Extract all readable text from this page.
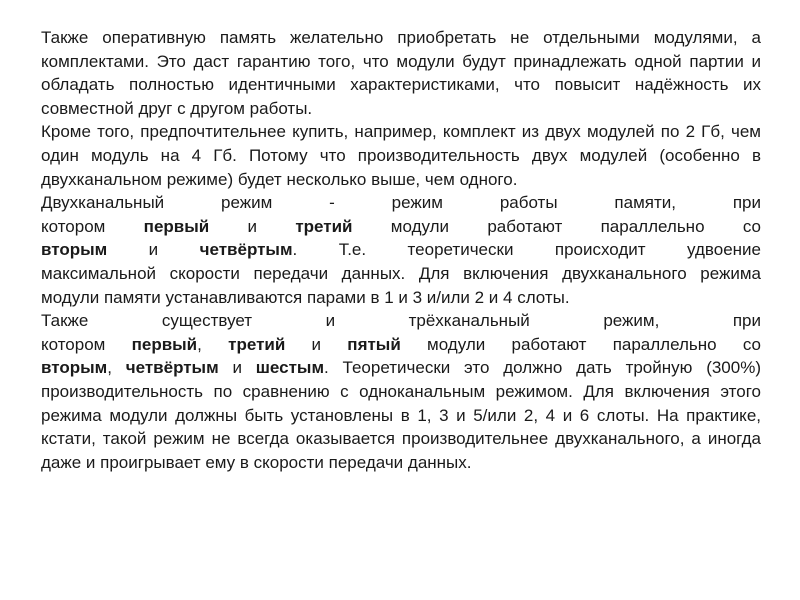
Также оперативную память желательно приобретать не отдельными модулями, а комплектами. Это даст гарантию того, что модули будут принадлежать одной партии и обладать полностью идентичными характеристиками, что повысит надёжность их совместной друг с другом работы.

Кроме того, предпочтительнее купить, например, комплект из двух модулей по 2 Гб, чем один модуль на 4 Гб. Потому что производительность двух модулей (особенно в двухканальном режиме) будет несколько выше, чем одного.

Двухканальный режим - режим работы памяти, при
котором первый и третий модули работают параллельно со
вторым и четвёртым. Т.е. теоретически происходит удвоение
максимальной скорости передачи данных. Для включения двухканального режима модули памяти устанавливаются парами в 1 и 3 и/или 2 и 4 слоты.
Также существует и трёхканальный режим, при
котором первый, третий и пятый модули работают параллельно со
вторым, четвёртым и шестым. Теоретически это должно дать тройную (300%) производительность по сравнению с одноканальным режимом. Для включения этого режима модули должны быть установлены в 1, 3 и 5/или 2, 4 и 6 слоты. На практике, кстати, такой режим не всегда оказывается производительнее двухканального, а иногда даже и проигрывает ему в скорости передачи данных.
